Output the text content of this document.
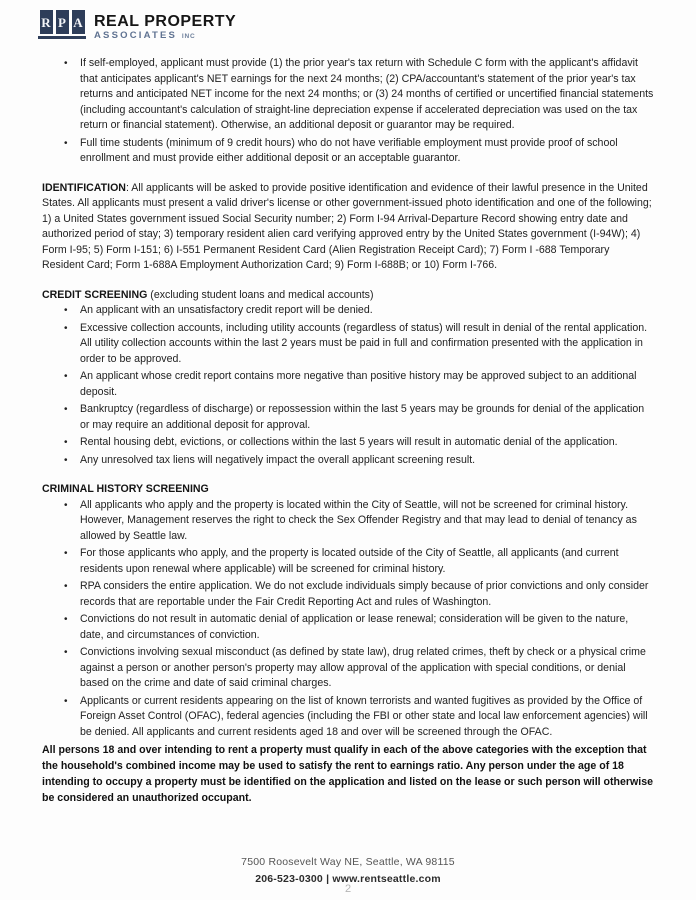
R P A REAL PROPERTY
ASSOCIATES INC
• If self-employed, applicant must provide (1) the prior year's tax return with Schedule C form with the applicant's affidavit that anticipates applicant's NET earnings for the next 24 months; (2) CPA/accountant's statement of the prior year's tax returns and anticipated NET income for the next 24 months; or (3) 24 months of certified or uncertified financial statements (including accountant's calculation of straight-line depreciation expense if accelerated depreciation was used on the tax return or financial statement). Otherwise, an additional deposit or guarantor may be required.
• Full time students (minimum of 9 credit hours) who do not have verifiable employment must provide proof of school enrollment and must provide either additional deposit or an acceptable guarantor.

IDENTIFICATION: All applicants will be asked to provide positive identification and evidence of their lawful presence in the United States. All applicants must present a valid driver's license or other government-issued photo identification and one of the following; 1) a United States government issued Social Security number; 2) Form I-94 Arrival-Departure Record showing entry date and authorized period of stay; 3) temporary resident alien card verifying approved entry by the United States government (I-94W); 4) Form I-95; 5) Form I-151; 6) I-551 Permanent Resident Card (Alien Registration Receipt Card); 7) Form I -688 Temporary Resident Card; Form 1-688A Employment Authorization Card; 9) Form I-688B; or 10) Form I-766.

CREDIT SCREENING (excluding student loans and medical accounts)

• An applicant with an unsatisfactory credit report will be denied.
• Excessive collection accounts, including utility accounts (regardless of status) will result in denial of the rental application. All utility collection accounts within the last 2 years must be paid in full and confirmation presented with the application in order to be approved.
• An applicant whose credit report contains more negative than positive history may be approved subject to an additional deposit.
• Bankruptcy (regardless of discharge) or repossession within the last 5 years may be grounds for denial of the application or may require an additional deposit for approval.
• Rental housing debt, evictions, or collections within the last 5 years will result in automatic denial of the application.
• Any unresolved tax liens will negatively impact the overall applicant screening result.

CRIMINAL HISTORY SCREENING

• All applicants who apply and the property is located within the City of Seattle, will not be screened for criminal history. However, Management reserves the right to check the Sex Offender Registry and that may lead to denial of tenancy as allowed by Seattle law.
• For those applicants who apply, and the property is located outside of the City of Seattle, all applicants (and current residents upon renewal where applicable) will be screened for criminal history.
• RPA considers the entire application. We do not exclude individuals simply because of prior convictions and only consider records that are reportable under the Fair Credit Reporting Act and rules of Washington.
• Convictions do not result in automatic denial of application or lease renewal; consideration will be given to the nature, date, and circumstances of conviction.
• Convictions involving sexual misconduct (as defined by state law), drug related crimes, theft by check or a physical crime against a person or another person's property may allow approval of the application with special conditions, or denial based on the crime and date of said criminal charges.
• Applicants or current residents appearing on the list of known terrorists and wanted fugitives as provided by the Office of Foreign Asset Control (OFAC), federal agencies (including the FBI or other state and local law enforcement agencies) will be denied. All applicants and current residents aged 18 and over will be screened through the OFAC.

All persons 18 and over intending to rent a property must qualify in each of the above categories with the exception that the household's combined income may be used to satisfy the rent to earnings ratio. Any person under the age of 18 intending to occupy a property must be identified on the application and listed on the lease or such person will otherwise be considered an unauthorized occupant.

7500 Roosevelt Way NE, Seattle, WA 98115
206-523-0300 | www.rentseattle.com
2
